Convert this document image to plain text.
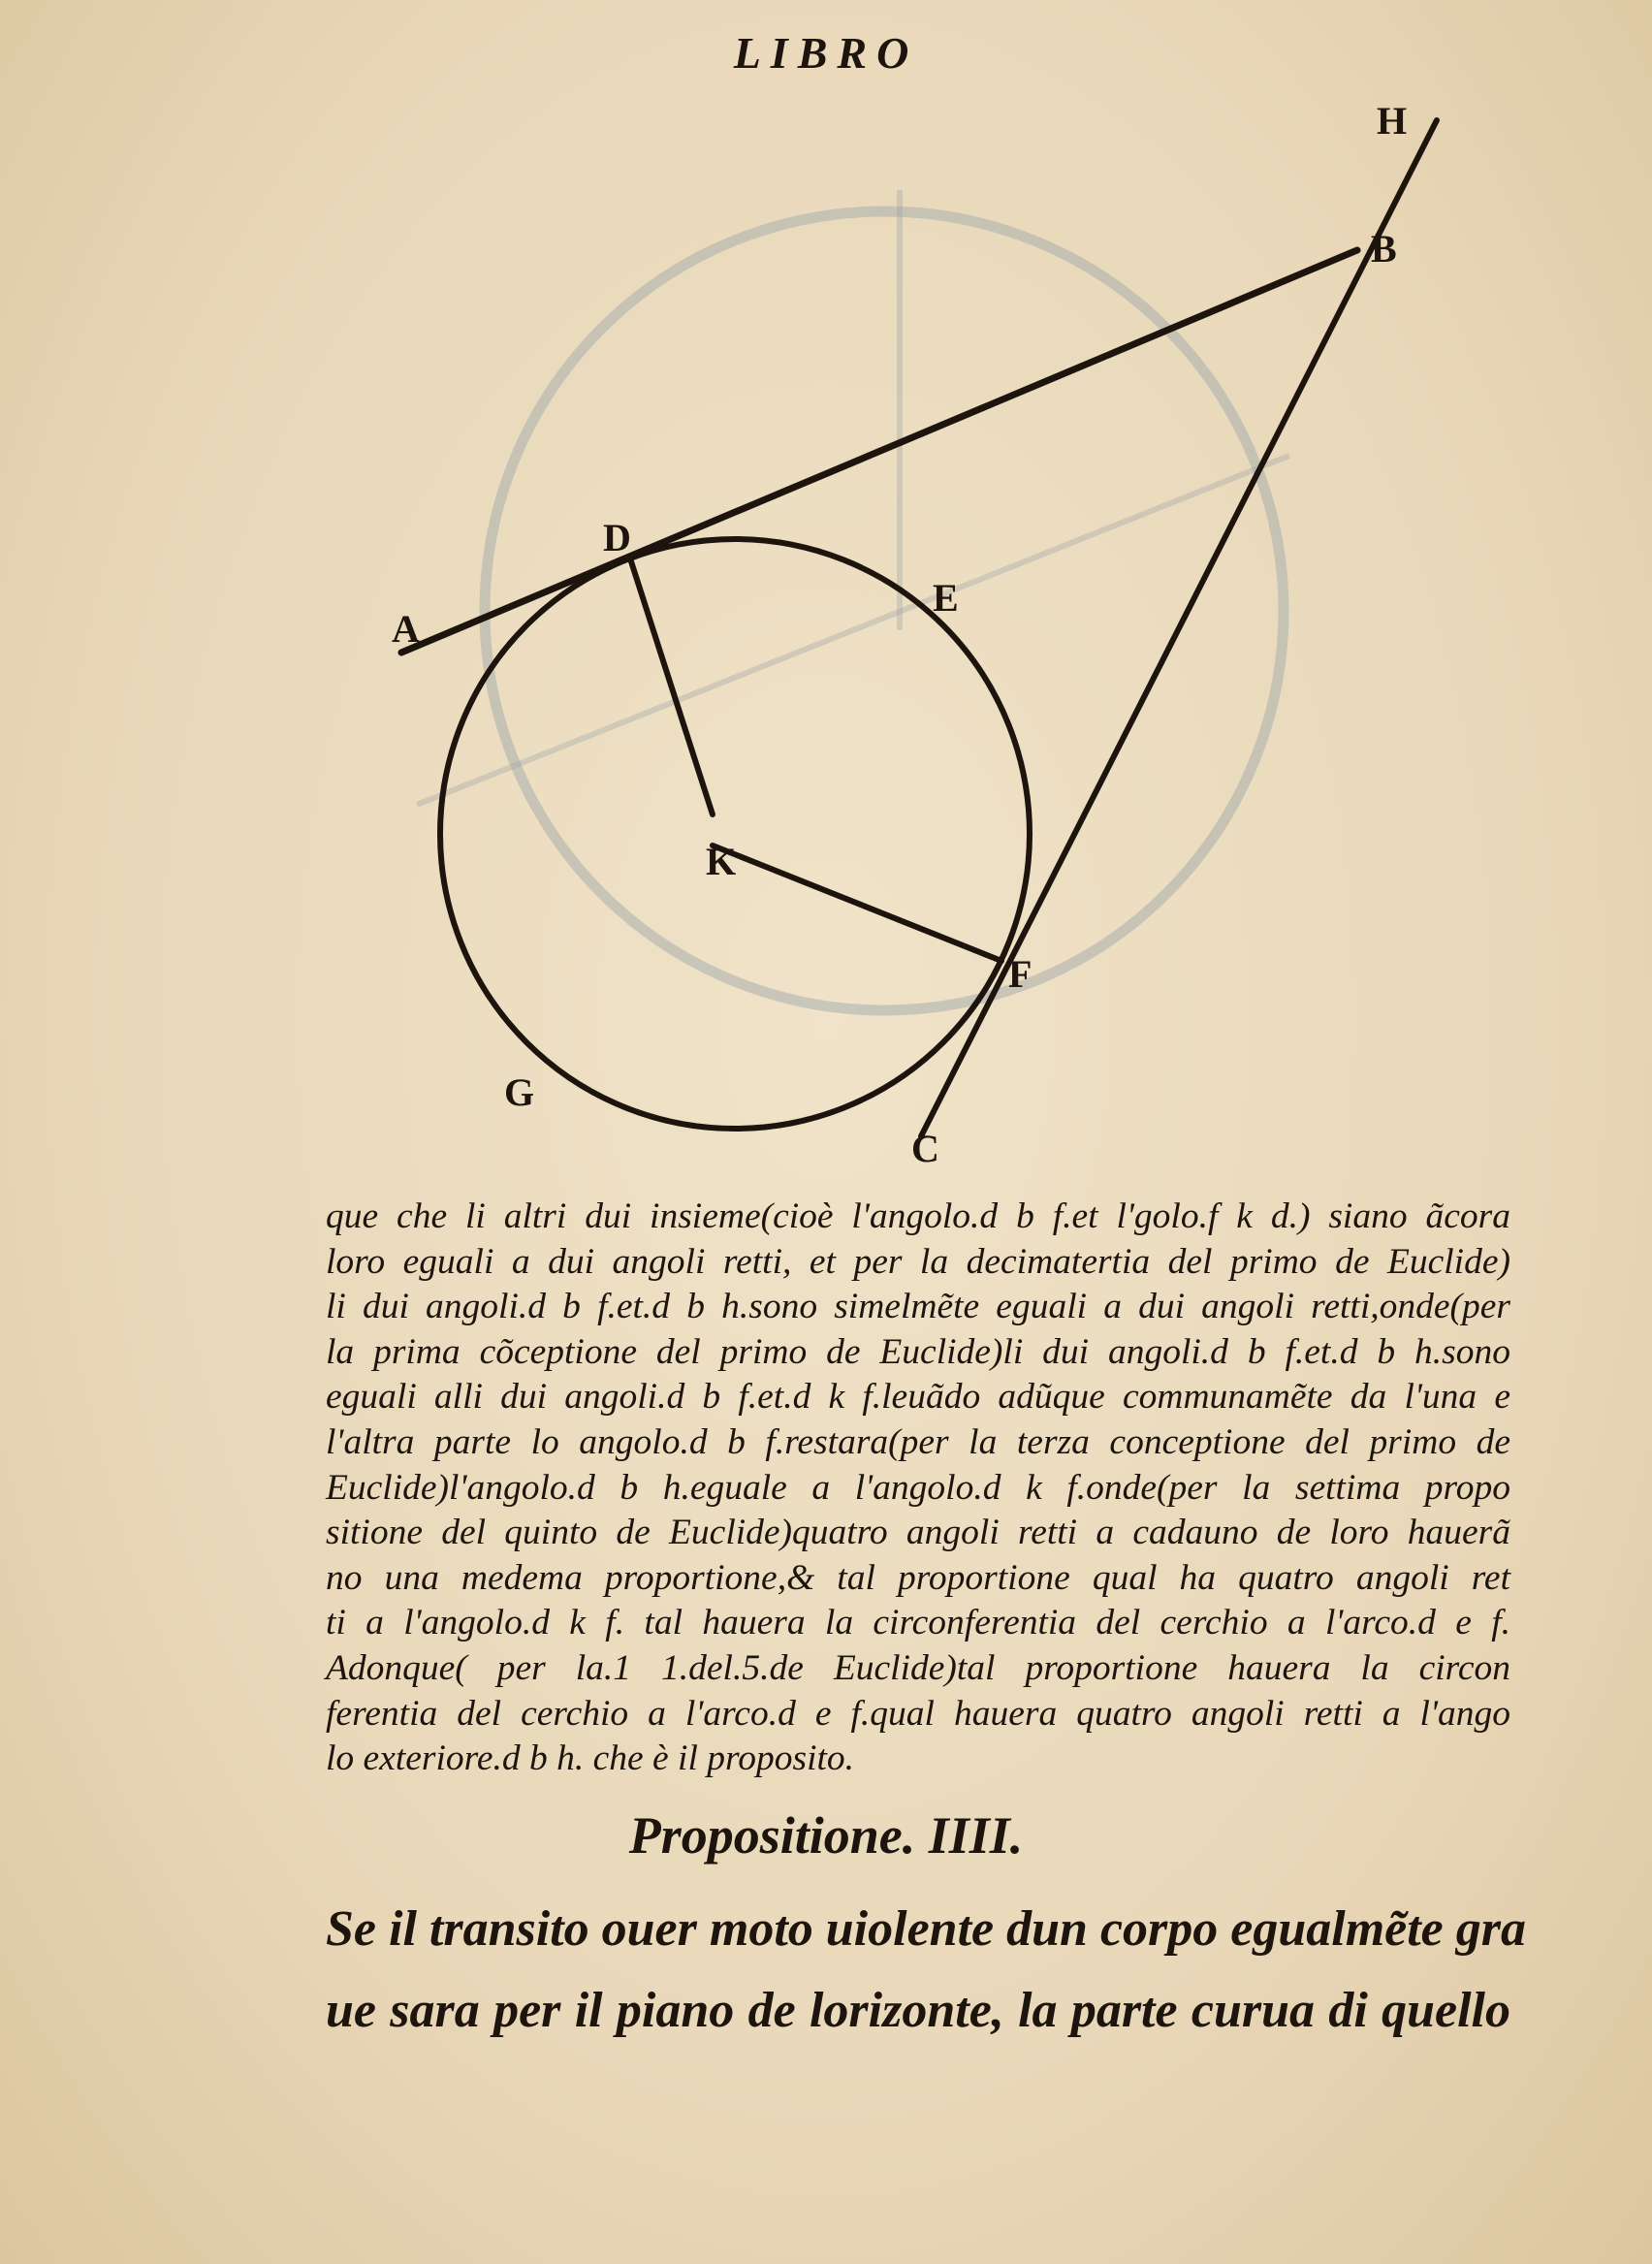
LIBRO
H
B
D
E
A
K
F
G
C
que che li altri dui insieme(cioè l'angolo.d b f.et l'golo.f k d.) siano ãcora
loro eguali a dui angoli retti, et per la decimatertia del primo de Euclide)
li dui angoli.d b f.et.d b h.sono simelmẽte eguali a dui angoli retti,onde(per
la prima cõceptione del primo de Euclide)li dui angoli.d b f.et.d b h.sono
eguali alli dui angoli.d b f.et.d k f.leuãdo adũque communamẽte da l'una e
l'altra parte lo angolo.d b f.restara(per la terza conceptione del primo de
Euclide)l'angolo.d b h.eguale a l'angolo.d k f.onde(per la settima propo
sitione del quinto de Euclide)quatro angoli retti a cadauno de loro hauerã
no una medema proportione,& tal proportione qual ha quatro angoli ret
ti a l'angolo.d k f. tal hauera la circonferentia del cerchio a l'arco.d e f.
Adonque( per la.1 1.del.5.de Euclide)tal proportione hauera la circon
ferentia del cerchio a l'arco.d e f.qual hauera quatro angoli retti a l'ango
lo exteriore.d b h. che è il proposito.
Propositione. IIII.
Se il transito ouer moto uiolente dun corpo egualmẽte gra
ue sara per il piano de lorizonte, la parte curua di quello
